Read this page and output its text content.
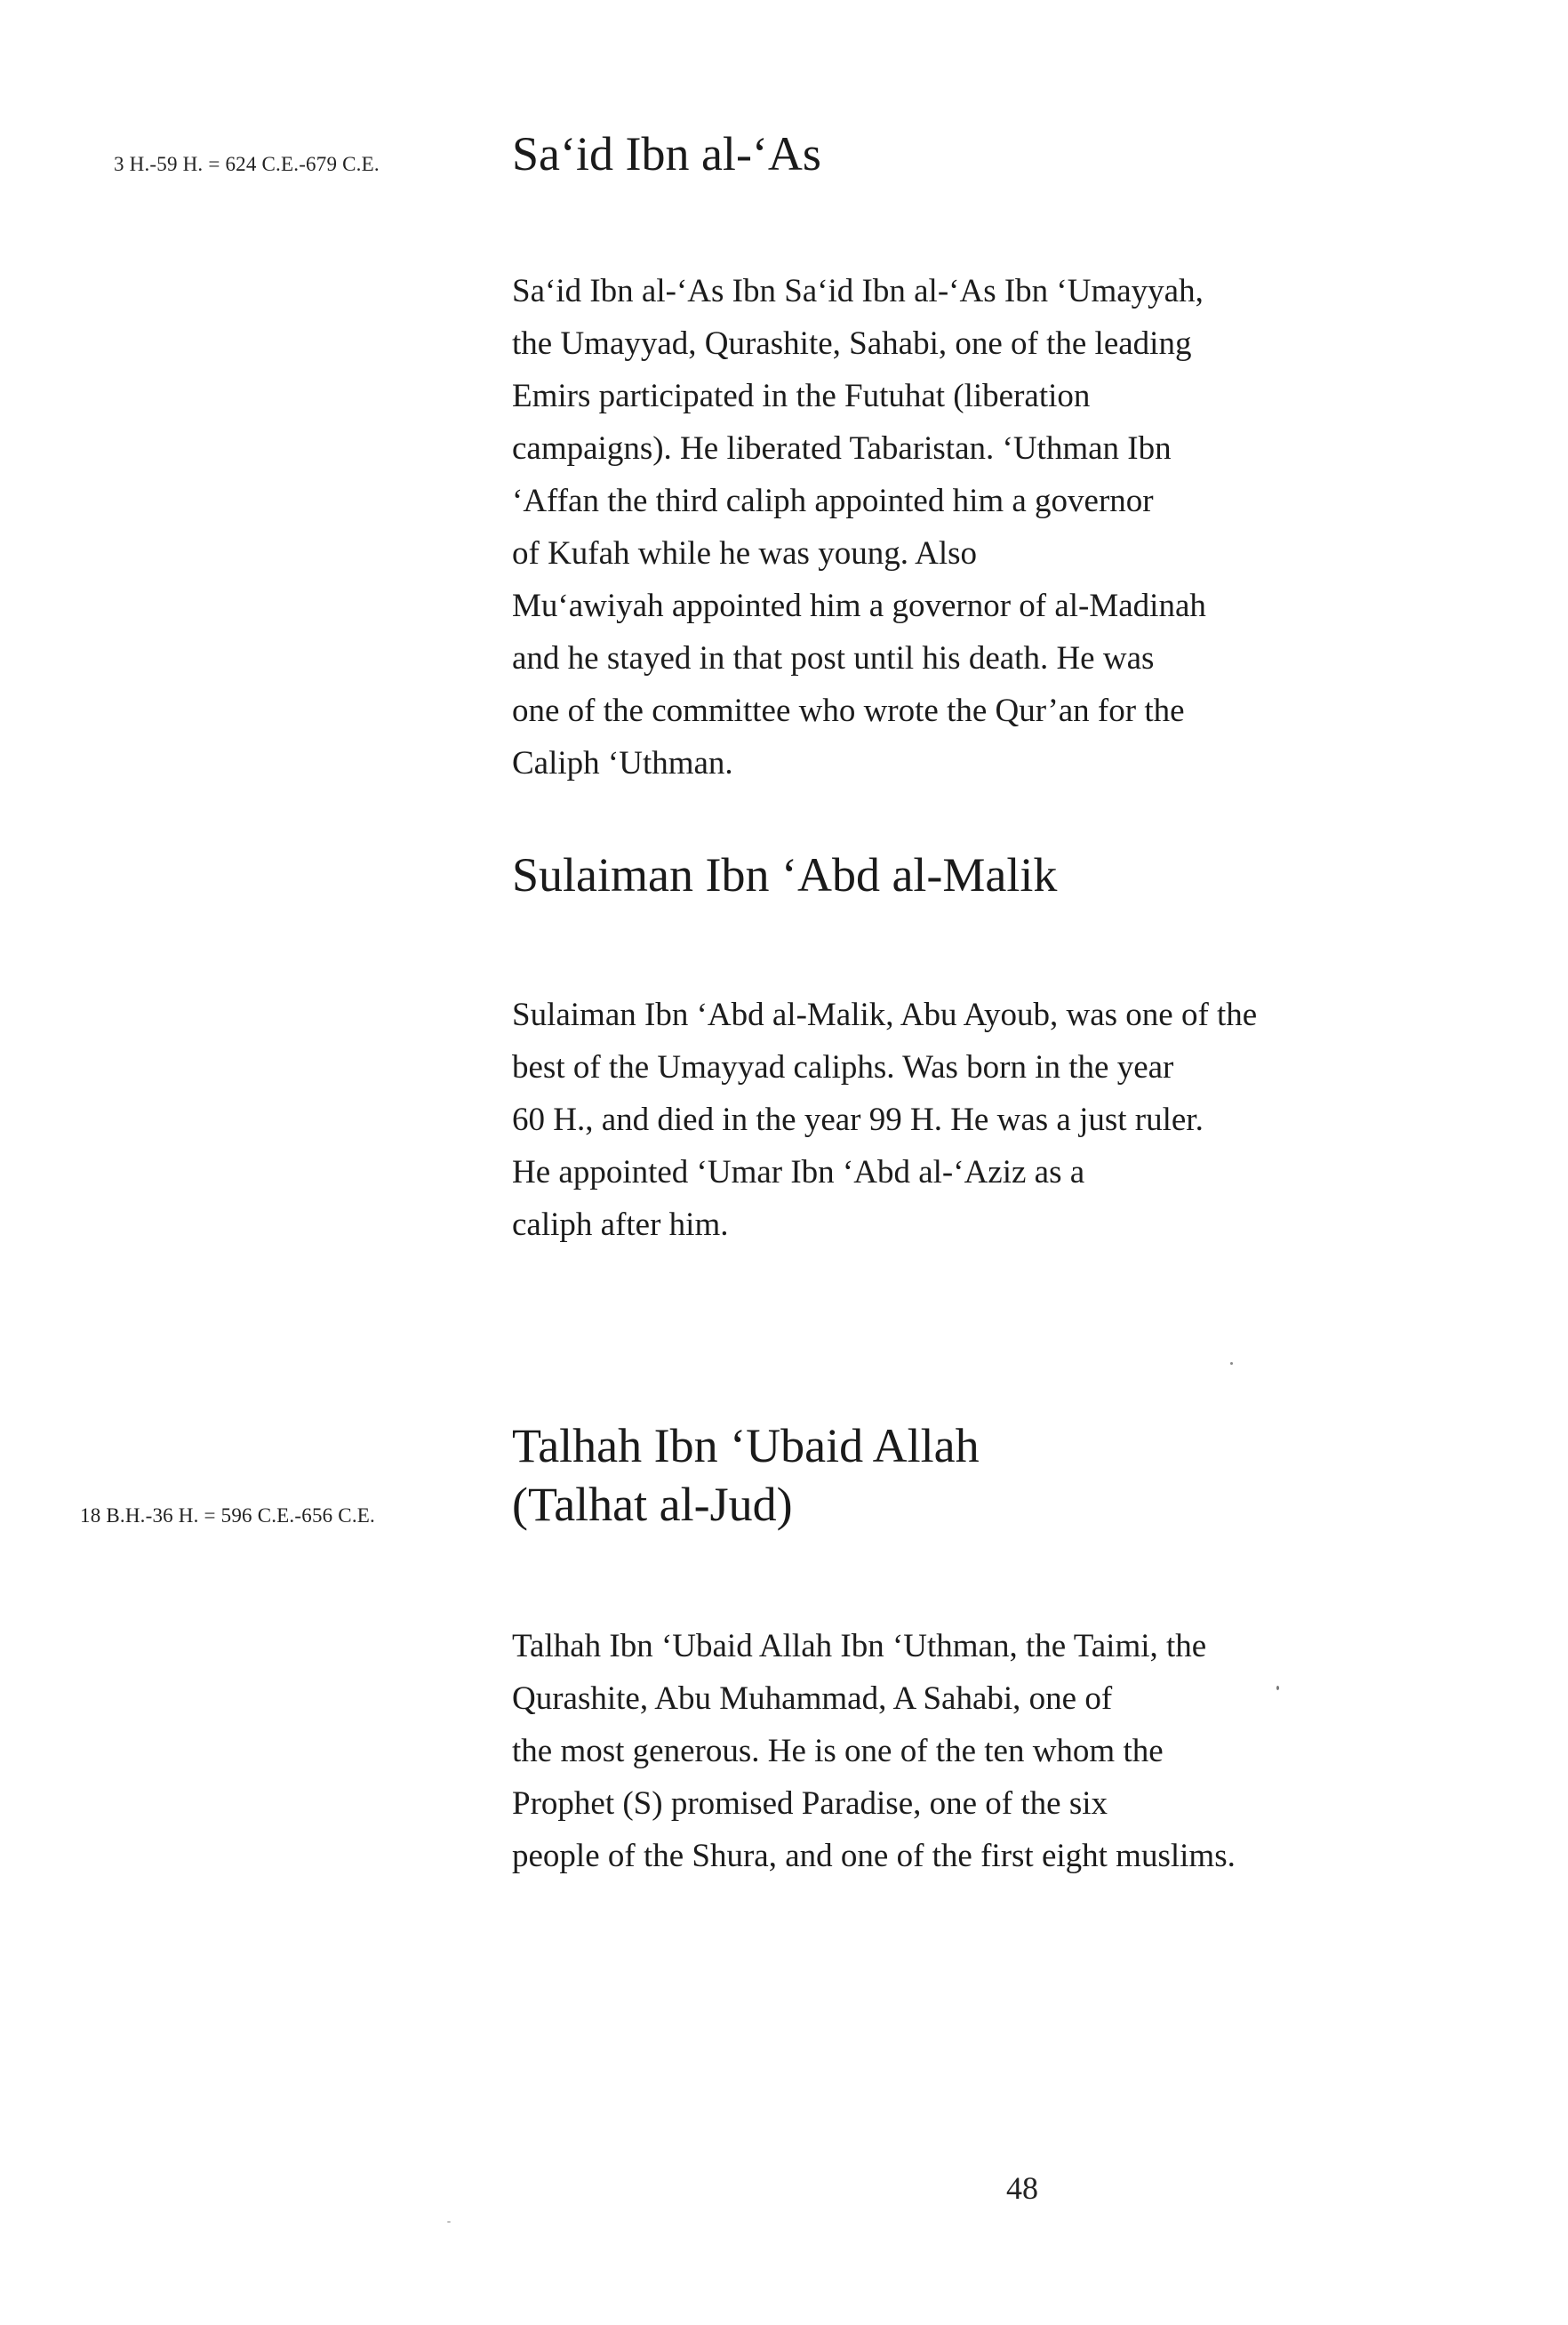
3 H.-59 H. = 624 C.E.-679 C.E.	Sa‘id Ibn al-‘As
Sa‘id Ibn al-‘As Ibn Sa‘id Ibn al-‘As Ibn ‘Umayyah,
the Umayyad, Qurashite, Sahabi, one of the leading
Emirs participated in the Futuhat (liberation
campaigns). He liberated Tabaristan. ‘Uthman Ibn
‘Affan the third caliph appointed him a governor
of Kufah while he was young. Also
Mu‘awiyah appointed him a governor of al-Madinah
and he stayed in that post until his death. He was
one of the committee who wrote the Qur’an for the
Caliph ‘Uthman.
Sulaiman Ibn ‘Abd al-Malik
Sulaiman Ibn ‘Abd al-Malik, Abu Ayoub, was one of the
best of the Umayyad caliphs. Was born in the year
60 H., and died in the year 99 H. He was a just ruler.
He appointed ‘Umar Ibn ‘Abd al-‘Aziz as a
caliph after him.
18 B.H.-36 H. = 596 C.E.-656 C.E.
Talhah Ibn ‘Ubaid Allah
(Talhat al-Jud)
Talhah Ibn ‘Ubaid Allah Ibn ‘Uthman, the Taimi, the
Qurashite, Abu Muhammad, A Sahabi, one of
the most generous. He is one of the ten whom the
Prophet (S) promised Paradise, one of the six
people of the Shura, and one of the first eight muslims.
48
